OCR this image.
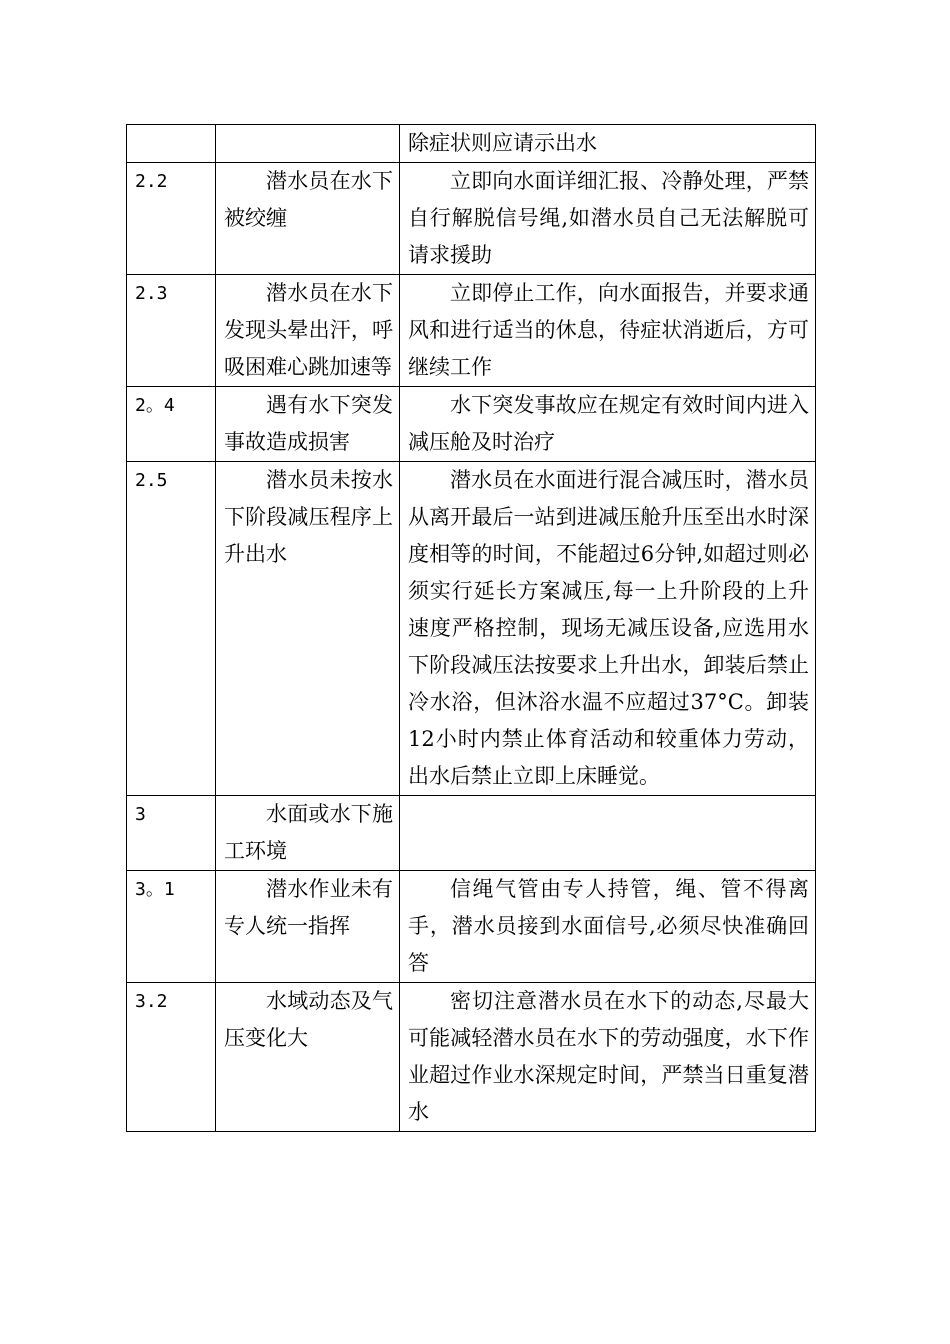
		除症状则应请示出水
2.2	潜水员在水下被绞缠	立即向水面详细汇报、冷静处理，严禁自行解脱信号绳,如潜水员自己无法解脱可请求援助
2.3	潜水员在水下发现头晕出汗，呼吸困难心跳加速等	立即停止工作，向水面报告，并要求通风和进行适当的休息，待症状消逝后，方可继续工作
2。4	遇有水下突发事故造成损害	水下突发事故应在规定有效时间内进入减压舱及时治疗
2.5	潜水员未按水下阶段减压程序上升出水	潜水员在水面进行混合减压时，潜水员从离开最后一站到进减压舱升压至出水时深度相等的时间，不能超过6分钟,如超过则必须实行延长方案减压,每一上升阶段的上升速度严格控制，现场无减压设备,应选用水下阶段减压法按要求上升出水，卸装后禁止冷水浴，但沐浴水温不应超过37°C。卸装12小时内禁止体育活动和较重体力劳动，出水后禁止立即上床睡觉。
3	水面或水下施工环境	
3。1	潜水作业未有专人统一指挥	信绳气管由专人持管，绳、管不得离手，潜水员接到水面信号,必须尽快准确回答
3.2	水域动态及气压变化大	密切注意潜水员在水下的动态,尽最大可能减轻潜水员在水下的劳动强度，水下作业超过作业水深规定时间，严禁当日重复潜水
